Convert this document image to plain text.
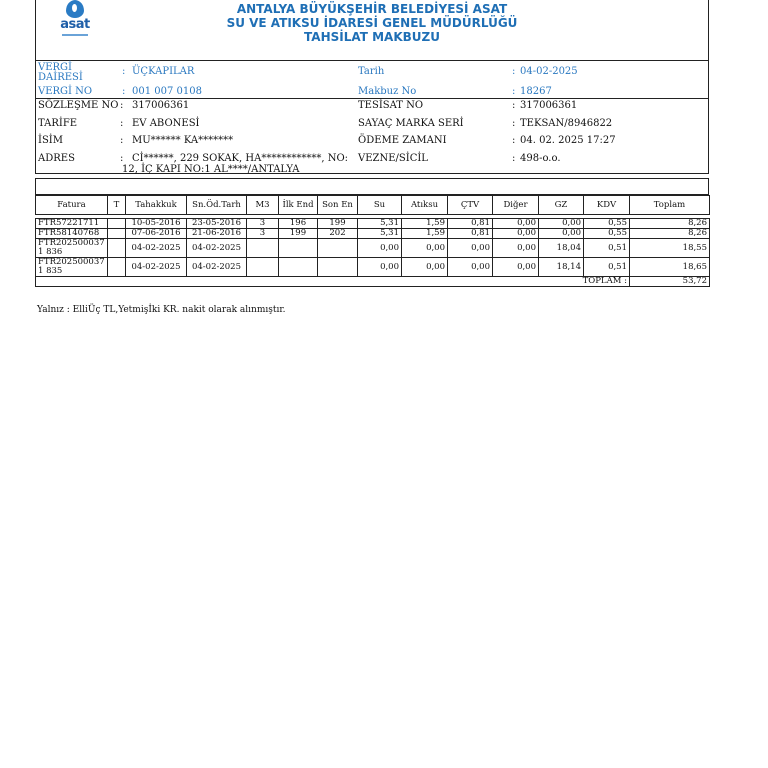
asat
ANTALYA BÜYÜKŞEHİR BELEDİYESİ ASAT
SU VE ATIKSU İDARESİ GENEL MÜDÜRLÜĞÜ
TAHSİLAT MAKBUZU
VERGİ DAİRESİ
: ÜÇKAPILAR	Tarih	: 04-02-2025
VERGİ NO	: 001 007 0108	Makbuz No	: 18267
SÖZLEŞME NO : 317006361	TESİSAT NO	: 317006361
TARİFE	: EV ABONESİ	SAYAÇ MARKA SERİ	: TEKSAN/8946822
İSİM	: MU****** KA*******	ÖDEME ZAMANI	: 04. 02. 2025 17:27
ADRES	: Cİ******, 229 SOKAK, HA************, NO:
12, İÇ KAPI NO:1 AL****/ANTALYA
VEZNE/SİCİL	: 498-o.o.
Fatura	T	Tahakkuk	Sn.Öd.Tarh	M3	İlk End	Son En	Su	Atıksu	ÇTV	Diğer	GZ	KDV	Toplam

FTR57221711		10-05-2016	23-05-2016	3	196	199	5,31	1,59	0,81	0,00	0,00	0,55	8,26
FTR58140768		07-06-2016	21-06-2016	3	199	202	5,31	1,59	0,81	0,00	0,00	0,55	8,26
FTR2025000371 836		04-02-2025	04-02-2025				0,00	0,00	0,00	0,00	18,04	0,51	18,55
FTR2025000371 835		04-02-2025	04-02-2025				0,00	0,00	0,00	0,00	18,14	0,51	18,65
TOPLAM :													53,72
Yalnız : ElliÜç TL,Yetmişİki KR. nakit olarak alınmıştır.
